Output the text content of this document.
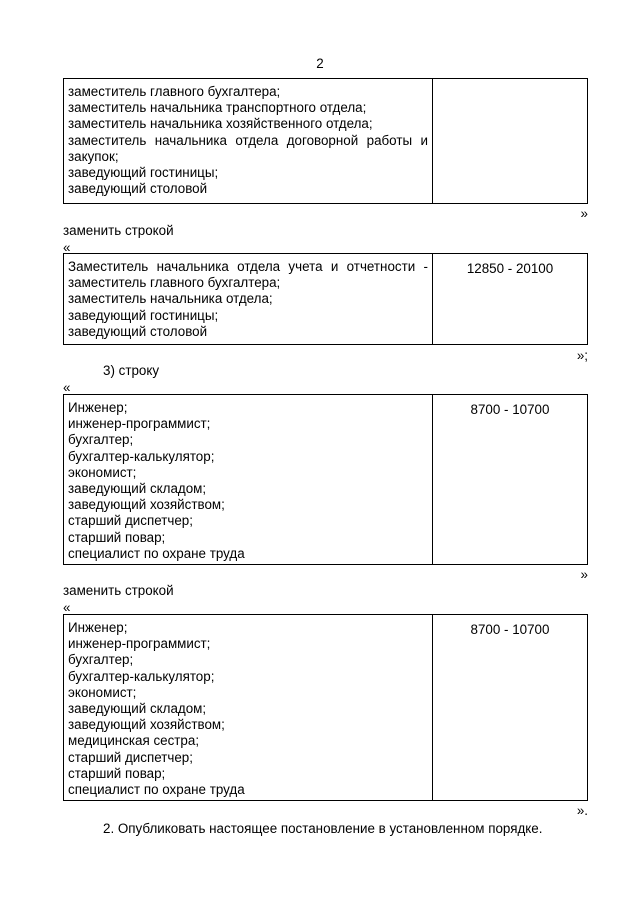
2
заместитель главного бухгалтера;
заместитель начальника транспортного отдела;
заместитель начальника хозяйственного отдела;
заместитель начальника отдела договорной работы и
закупок;
заведующий гостиницы;
заведующий столовой
»
заменить строкой
«
Заместитель начальника отдела учета и отчетности -
заместитель главного бухгалтера;
заместитель начальника отдела;
заведующий гостиницы;
заведующий столовой
12850 - 20100
»;
3) строку
«
Инженер;
инженер-программист;
бухгалтер;
бухгалтер-калькулятор;
экономист;
заведующий складом;
заведующий хозяйством;
старший диспетчер;
старший повар;
специалист по охране труда
8700 - 10700
»
заменить строкой
«
Инженер;
инженер-программист;
бухгалтер;
бухгалтер-калькулятор;
экономист;
заведующий складом;
заведующий хозяйством;
медицинская сестра;
старший диспетчер;
старший повар;
специалист по охране труда
8700 - 10700
».
2. Опубликовать настоящее постановление в установленном порядке.
